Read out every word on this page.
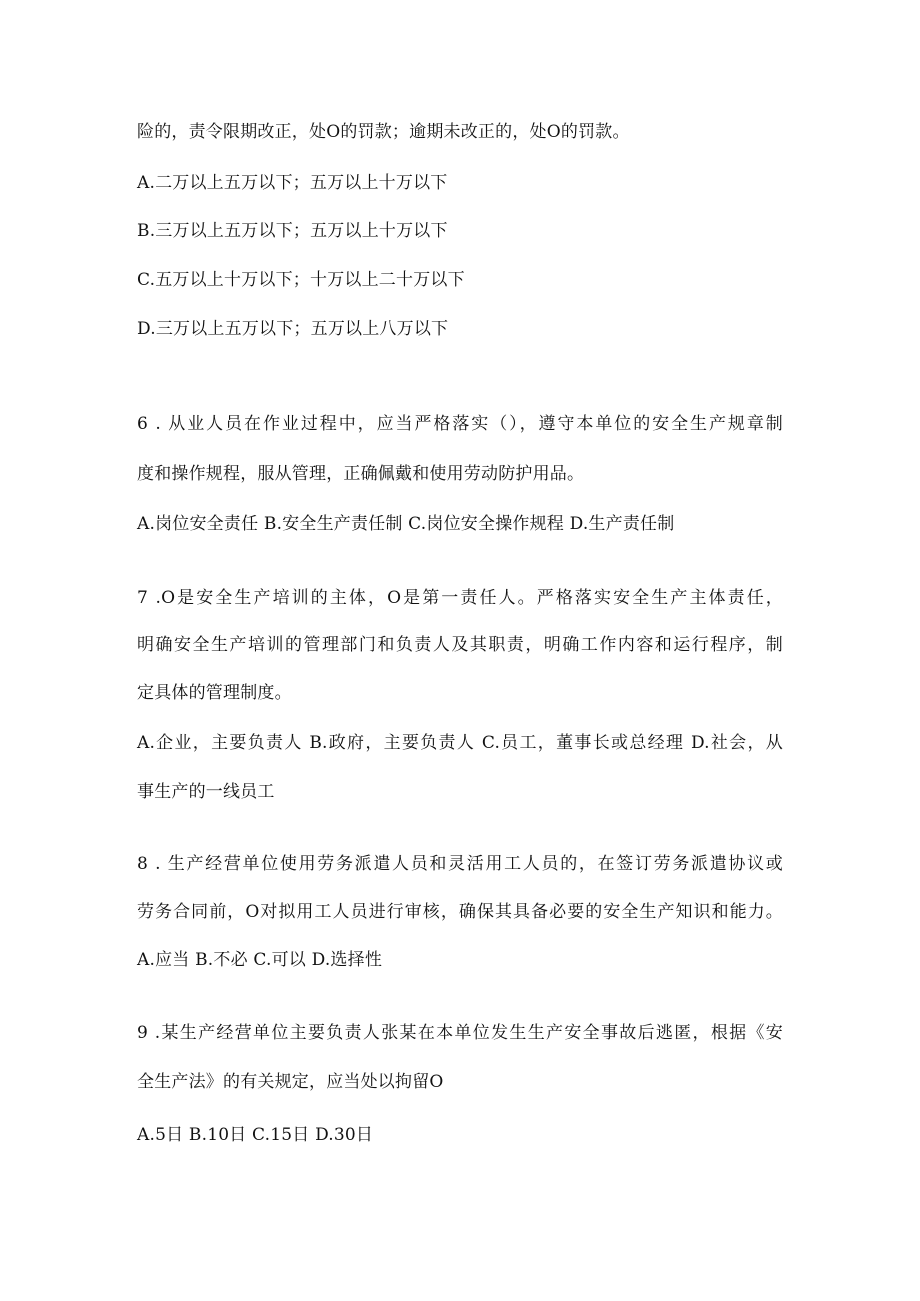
险的，责令限期改正，处O的罚款；逾期未改正的，处O的罚款。
A.二万以上五万以下；五万以上十万以下
B.三万以上五万以下；五万以上十万以下
C.五万以上十万以下；十万以上二十万以下
D.三万以上五万以下；五万以上八万以下
6 . 从业人员在作业过程中，应当严格落实（），遵守本单位的安全生产规章制
度和操作规程，服从管理，正确佩戴和使用劳动防护用品。
A.岗位安全责任 B.安全生产责任制 C.岗位安全操作规程 D.生产责任制
7 .O是安全生产培训的主体，O是第一责任人。严格落实安全生产主体责任，
明确安全生产培训的管理部门和负责人及其职责，明确工作内容和运行程序，制
定具体的管理制度。
A.企业，主要负责人 B.政府，主要负责人 C.员工，董事长或总经理 D.社会，从
事生产的一线员工
8 . 生产经营单位使用劳务派遣人员和灵活用工人员的，在签订劳务派遣协议或
劳务合同前，O对拟用工人员进行审核，确保其具备必要的安全生产知识和能力。
A.应当 B.不必 C.可以 D.选择性
9 .某生产经营单位主要负责人张某在本单位发生生产安全事故后逃匿，根据《安
全生产法》的有关规定，应当处以拘留O
A.5日 B.10日 C.15日 D.30日
